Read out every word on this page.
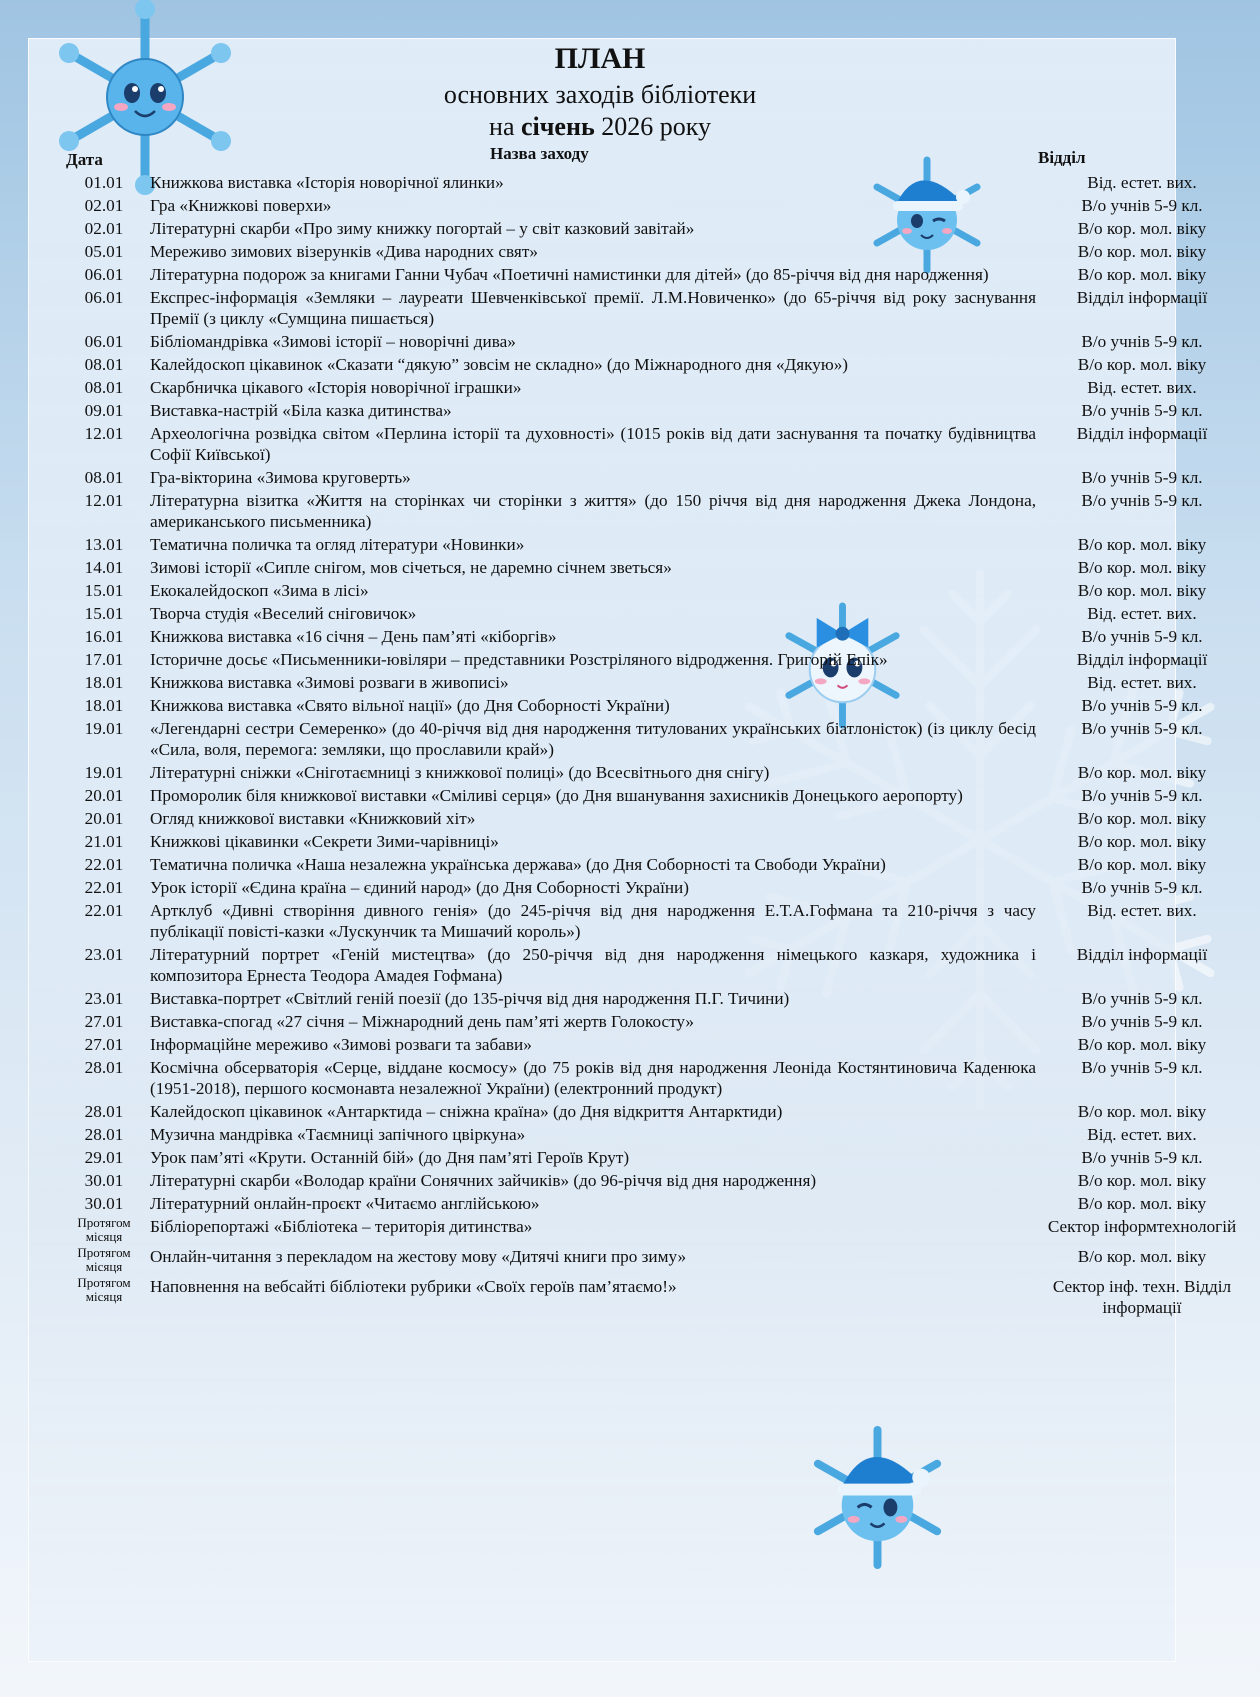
ПЛАН
основних заходів бібліотеки
на січень 2026 року
Дата	Назва заходу	Відділ
01.01	Книжкова виставка «Історія новорічної ялинки»	Від. естет. вих.
02.01	Гра «Книжкові поверхи»	В/о учнів 5-9 кл.
02.01	Літературні скарби «Про зиму книжку погортай – у світ казковий завітай»	В/о кор. мол. віку
05.01	Мереживо зимових візерунків «Дива народних свят»	В/о кор. мол. віку
06.01	Літературна подорож за книгами Ганни Чубач «Поетичні намистинки для дітей» (до 85-річчя від дня народження)	В/о кор. мол. віку
06.01	Експрес-інформація «Земляки – лауреати Шевченківської премії. Л.М.Новиченко» (до 65-річчя від року заснування Премії (з циклу «Сумщина пишається)	Відділ інформації
06.01	Бібліомандрівка «Зимові історії – новорічні дива»	В/о учнів 5-9 кл.
08.01	Калейдоскоп цікавинок «Сказати “дякую” зовсім не складно» (до Міжнародного дня «Дякую»)	В/о кор. мол. віку
08.01	Скарбничка цікавого «Історія новорічної іграшки»	Від. естет. вих.
09.01	Виставка-настрій «Біла казка дитинства»	В/о учнів 5-9 кл.
12.01	Археологічна розвідка світом «Перлина історії та духовності» (1015 років від дати заснування та початку будівництва Софії Київської)	Відділ інформації
08.01	Гра-вікторина «Зимова круговерть»	В/о учнів 5-9 кл.
12.01	Літературна візитка «Життя на сторінках чи сторінки з життя» (до 150 річчя від дня народження Джека Лондона, американського письменника)	В/о учнів 5-9 кл.
13.01	Тематична поличка та огляд літератури «Новинки»	В/о кор. мол. віку
14.01	Зимові історії «Сипле снігом, мов січеться, не даремно січнем зветься»	В/о кор. мол. віку
15.01	Екокалейдоскоп «Зима в лісі»	В/о кор. мол. віку
15.01	Творча студія «Веселий сніговичок»	Від. естет. вих.
16.01	Книжкова виставка «16 січня – День пам’яті «кіборгів»	В/о учнів 5-9 кл.
17.01	Історичне досьє «Письменники-ювіляри – представники Розстріляного відродження. Григорій Епік»	Відділ інформації
18.01	Книжкова виставка «Зимові розваги в живописі»	Від. естет. вих.
18.01	Книжкова виставка «Свято вільної нації» (до Дня Соборності України)	В/о учнів 5-9 кл.
19.01	«Легендарні сестри Семеренко» (до 40-річчя від дня народження титулованих українських біатлоністок) (із циклу бесід «Сила, воля, перемога: земляки, що прославили край»)	В/о учнів 5-9 кл.
19.01	Літературні сніжки «Сніготаємниці з книжкової полиці» (до Всесвітнього дня снігу)	В/о кор. мол. віку
20.01	Проморолик біля книжкової виставки «Сміливі серця» (до Дня вшанування захисників Донецького аеропорту)	В/о учнів 5-9 кл.
20.01	Огляд книжкової виставки «Книжковий хіт»	В/о кор. мол. віку
21.01	Книжкові цікавинки «Секрети Зими-чарівниці»	В/о кор. мол. віку
22.01	Тематична поличка «Наша незалежна українська держава» (до Дня Соборності та Свободи України)	В/о кор. мол. віку
22.01	Урок історії «Єдина країна – єдиний народ» (до Дня Соборності України)	В/о учнів 5-9 кл.
22.01	Артклуб «Дивні створіння дивного генія» (до 245-річчя від дня народження Е.Т.А.Гофмана та 210-річчя з часу публікації повісті-казки «Лускунчик та Мишачий король»)	Від. естет. вих.
23.01	Літературний портрет «Геній мистецтва» (до 250-річчя від дня народження німецького казкаря, художника і композитора Ернеста Теодора Амадея Гофмана)	Відділ інформації
23.01	Виставка-портрет «Світлий геній поезії (до 135-річчя від дня народження П.Г. Тичини)	В/о учнів 5-9 кл.
27.01	Виставка-спогад «27 січня – Міжнародний день пам’яті жертв Голокосту»	В/о учнів 5-9 кл.
27.01	Інформаційне мереживо «Зимові розваги та забави»	В/о кор. мол. віку
28.01	Космічна обсерваторія «Серце, віддане космосу» (до 75 років від дня народження Леоніда Костянтиновича Каденюка (1951-2018), першого космонавта незалежної України) (електронний продукт)	В/о учнів 5-9 кл.
28.01	Калейдоскоп цікавинок «Антарктида – сніжна країна» (до Дня відкриття Антарктиди)	В/о кор. мол. віку
28.01	Музична мандрівка «Таємниці запічного цвіркуна»	Від. естет. вих.
29.01	Урок пам’яті «Крути. Останній бій» (до Дня пам’яті Героїв Крут)	В/о учнів 5-9 кл.
30.01	Літературні скарби «Володар країни Сонячних зайчиків» (до 96-річчя від дня народження)	В/о кор. мол. віку
30.01	Літературний онлайн-проєкт «Читаємо англійською»	В/о кор. мол. віку
Протягом місяця	Бібліорепортажі «Бібліотека – територія дитинства»	Сектор інформтехнологій
Протягом місяця	Онлайн-читання з перекладом на жестову мову «Дитячі книги про зиму»	В/о кор. мол. віку
Протягом місяця	Наповнення на вебсайті бібліотеки рубрики «Своїх героїв пам’ятаємо!»	Сектор інф. техн. Відділ інформації
